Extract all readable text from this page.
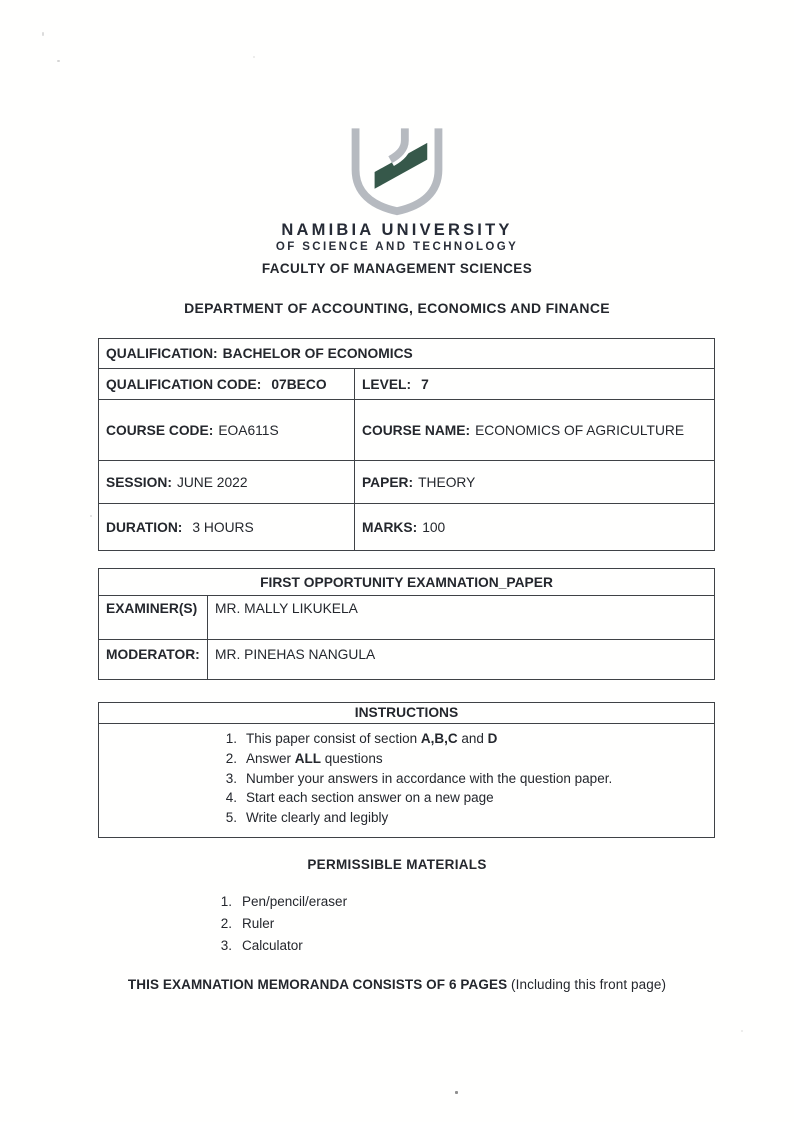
NAMIBIA UNIVERSITY
OF SCIENCE AND TECHNOLOGY
FACULTY OF MANAGEMENT SCIENCES
DEPARTMENT OF ACCOUNTING, ECONOMICS AND FINANCE
QUALIFICATION: BACHELOR OF ECONOMICS	
QUALIFICATION CODE: 07BECO	LEVEL: 7
COURSE CODE: EOA611S	COURSE NAME: ECONOMICS OF AGRICULTURE
SESSION: JUNE 2022	PAPER: THEORY
DURATION: 3 HOURS	MARKS: 100
FIRST OPPORTUNITY EXAMNATION_PAPER	
EXAMINER(S)	MR. MALLY LIKUKELA
MODERATOR:	MR. PINEHAS NANGULA
INSTRUCTIONS

1. This paper consist of section A,B,C and D
2. Answer ALL questions
3. Number your answers in accordance with the question paper.
4. Start each section answer on a new page
5. Write clearly and legibly
PERMISSIBLE MATERIALS
1. Pen/pencil/eraser
2. Ruler
3. Calculator
THIS EXAMNATION MEMORANDA CONSISTS OF 6 PAGES (Including this front page)
